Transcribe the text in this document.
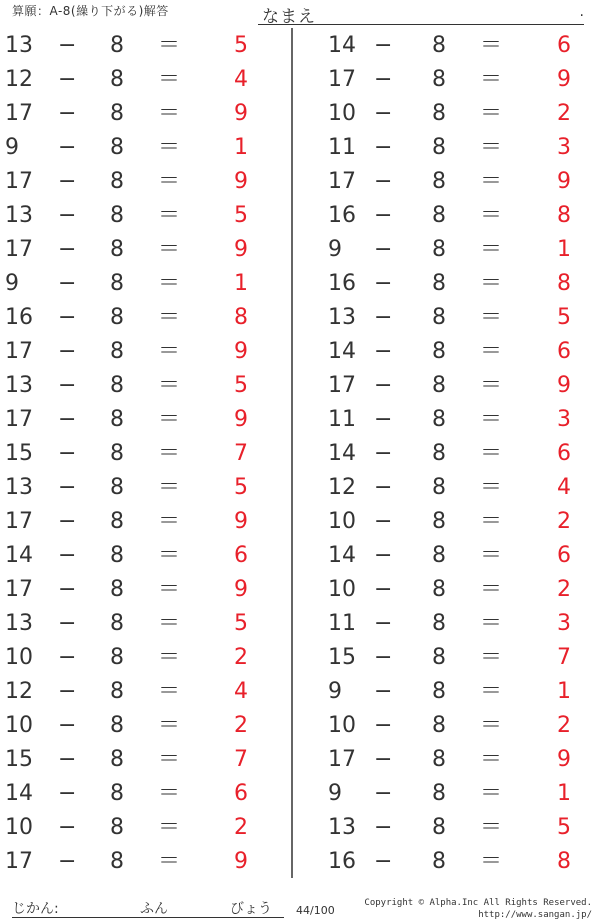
算願：A-8(繰り下がる)解答	なまえ	.
13 − 8 ＝ 5
12 − 8 ＝ 4
17 − 8 ＝ 9
9 − 8 ＝ 1
17 − 8 ＝ 9
13 − 8 ＝ 5
17 − 8 ＝ 9
9 − 8 ＝ 1
16 − 8 ＝ 8
17 − 8 ＝ 9
13 − 8 ＝ 5
17 − 8 ＝ 9
15 − 8 ＝ 7
13 − 8 ＝ 5
17 − 8 ＝ 9
14 − 8 ＝ 6
17 − 8 ＝ 9
13 − 8 ＝ 5
10 − 8 ＝ 2
12 − 8 ＝ 4
10 − 8 ＝ 2
15 − 8 ＝ 7
14 − 8 ＝ 6
10 − 8 ＝ 2
17 − 8 ＝ 9
14 − 8 ＝ 6
17 − 8 ＝ 9
10 − 8 ＝ 2
11 − 8 ＝ 3
17 − 8 ＝ 9
16 − 8 ＝ 8
9 − 8 ＝ 1
16 − 8 ＝ 8
13 − 8 ＝ 5
14 − 8 ＝ 6
17 − 8 ＝ 9
11 − 8 ＝ 3
14 − 8 ＝ 6
12 − 8 ＝ 4
10 − 8 ＝ 2
14 − 8 ＝ 6
10 − 8 ＝ 2
11 − 8 ＝ 3
15 − 8 ＝ 7
9 − 8 ＝ 1
10 − 8 ＝ 2
17 − 8 ＝ 9
9 − 8 ＝ 1
13 − 8 ＝ 5
16 − 8 ＝ 8
じかん:	ふん	びょう 44/100
Copyright © Alpha.Inc All Rights Reserved.
http://www.sangan.jp/
